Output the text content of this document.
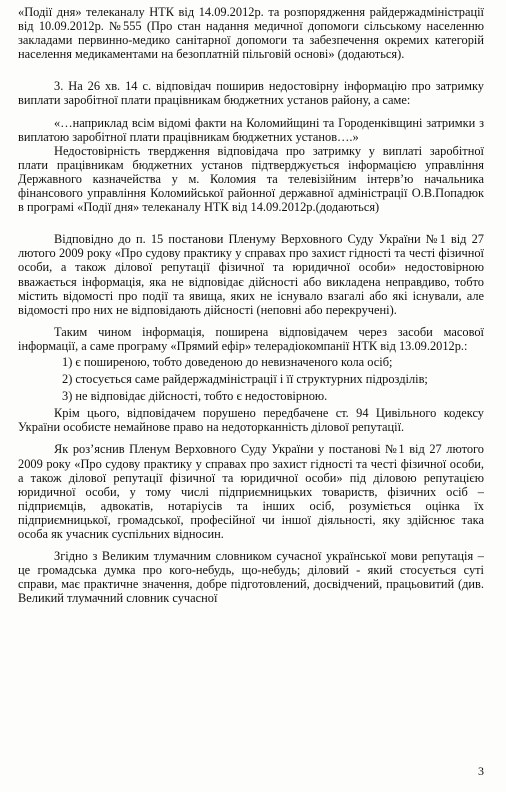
«Події дня» телеканалу НТК від 14.09.2012р. та розпорядження райдержадміністрації від 10.09.2012р. №555 (Про стан надання медичної допомоги сільському населенню закладами первинно-медико санітарної допомоги та забезпечення окремих категорій населення медикаментами на безоплатній пільговій основі» (додаються).

3. На 26 хв. 14 с. відповідач поширив недостовірну інформацію про затримку виплати заробітної плати працівникам бюджетних установ району, а саме:

«…наприклад всім відомі факти на Коломийщині та Городенківщині затримки з виплатою заробітної плати працівникам бюджетних установ….»

Недостовірність твердження відповідача про затримку у виплаті заробітної плати працівникам бюджетних установ підтверджується інформацією управління Державного казначейства у м. Коломия та телевізійним інтерв’ю начальника фінансового управління Коломийської районної державної адміністрації О.В.Попадюк в програмі «Події дня» телеканалу НТК від 14.09.2012р.(додаються)

Відповідно до п. 15 постанови Пленуму Верховного Суду України №1 від 27 лютого 2009 року «Про судову практику у справах про захист гідності та честі фізичної особи, а також ділової репутації фізичної та юридичної особи» недостовірною вважається інформація, яка не відповідає дійсності або викладена неправдиво, тобто містить відомості про події та явища, яких не існувало взагалі або які існували, але відомості про них не відповідають дійсності (неповні або перекручені).

Таким чином інформація, поширена відповідачем через засоби масової інформації, а саме програму «Прямий ефір» телерадіокомпанії НТК від 13.09.2012р.:

1) є поширеною, тобто доведеною до невизначеного кола осіб;
2) стосується саме райдержадміністрації і її структурних підрозділів;
3) не відповідає дійсності, тобто є недостовірною.

Крім цього, відповідачем порушено передбачене ст. 94 Цивільного кодексу України особисте немайнове право на недоторканність ділової репутації.

Як роз’яснив Пленум Верховного Суду України у постанові №1 від 27 лютого 2009 року «Про судову практику у справах про захист гідності та честі фізичної особи, а також ділової репутації фізичної та юридичної особи» під діловою репутацією юридичної особи, у тому числі підприємницьких товариств, фізичних осіб – підприємців, адвокатів, нотаріусів та інших осіб, розуміється оцінка їх підприємницької, громадської, професійної чи іншої діяльності, яку здійснює така особа як учасник суспільних відносин.

Згідно з Великим тлумачним словником сучасної української мови репутація – це громадська думка про кого-небудь, що-небудь; діловий - який стосується суті справи, має практичне значення, добре підготовлений, досвідчений, працьовитий (див. Великий тлумачний словник сучасної

3
